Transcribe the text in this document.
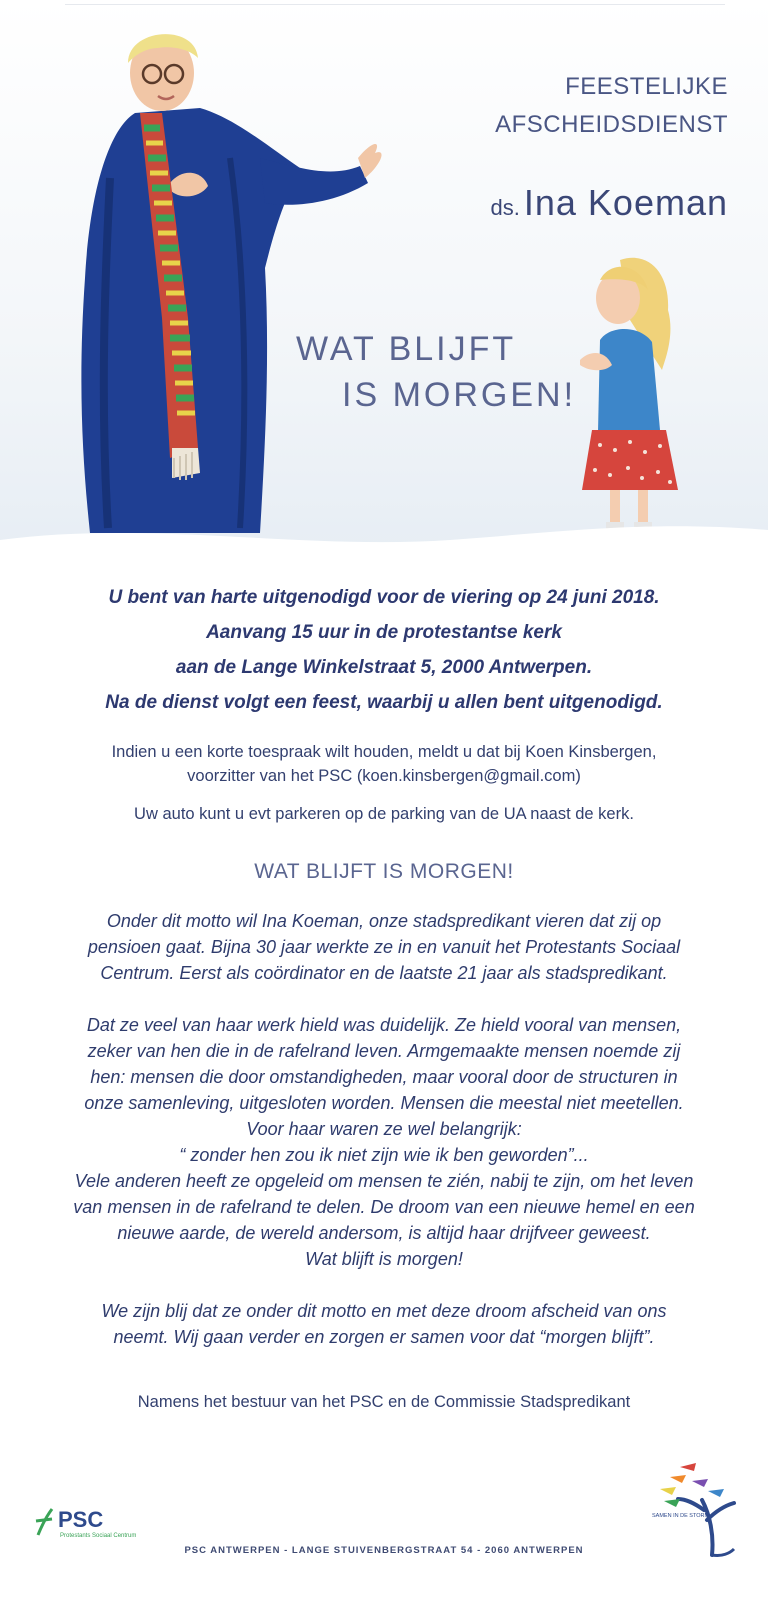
FEESTELIJKE
AFSCHEIDSDIENST
ds. Ina Koeman
WAT BLIJFT
IS MORGEN!
U bent van harte uitgenodigd voor de viering op 24 juni 2018.
Aanvang 15 uur in de protestantse kerk
aan de Lange Winkelstraat 5, 2000 Antwerpen.
Na de dienst volgt een feest, waarbij u allen bent uitgenodigd.
Indien u een korte toespraak wilt houden, meldt u dat bij Koen Kinsbergen,
voorzitter van het PSC (koen.kinsbergen@gmail.com)
Uw auto kunt u evt parkeren op de parking van de UA naast de kerk.
WAT BLIJFT IS MORGEN!
Onder dit motto wil Ina Koeman, onze stadspredikant vieren dat zij op
pensioen gaat. Bijna 30 jaar werkte ze in en vanuit het Protestants Sociaal
Centrum. Eerst als coördinator en de laatste 21 jaar als stadspredikant.
Dat ze veel van haar werk hield was duidelijk. Ze hield vooral van mensen,
zeker van hen die in de rafelrand leven. Armgemaakte mensen noemde zij
hen: mensen die door omstandigheden, maar vooral door de structuren in
onze samenleving, uitgesloten worden. Mensen die meestal niet meetellen.
Voor haar waren ze wel belangrijk:
“ zonder hen zou ik niet zijn wie ik ben geworden”...
Vele anderen heeft ze opgeleid om mensen te zién, nabij te zijn, om het leven
van mensen in de rafelrand te delen. De droom van een nieuwe hemel en een
nieuwe aarde, de wereld andersom, is altijd haar drijfveer geweest.
Wat blijft is morgen!
We zijn blij dat ze onder dit motto en met deze droom afscheid van ons
neemt. Wij gaan verder en zorgen er samen voor dat “morgen blijft”.
Namens het bestuur van het PSC en de Commissie Stadspredikant
PSC
Protestants Sociaal Centrum
SAMEN IN DE STORM
PSC ANTWERPEN - LANGE STUIVENBERGSTRAAT 54 - 2060 ANTWERPEN
